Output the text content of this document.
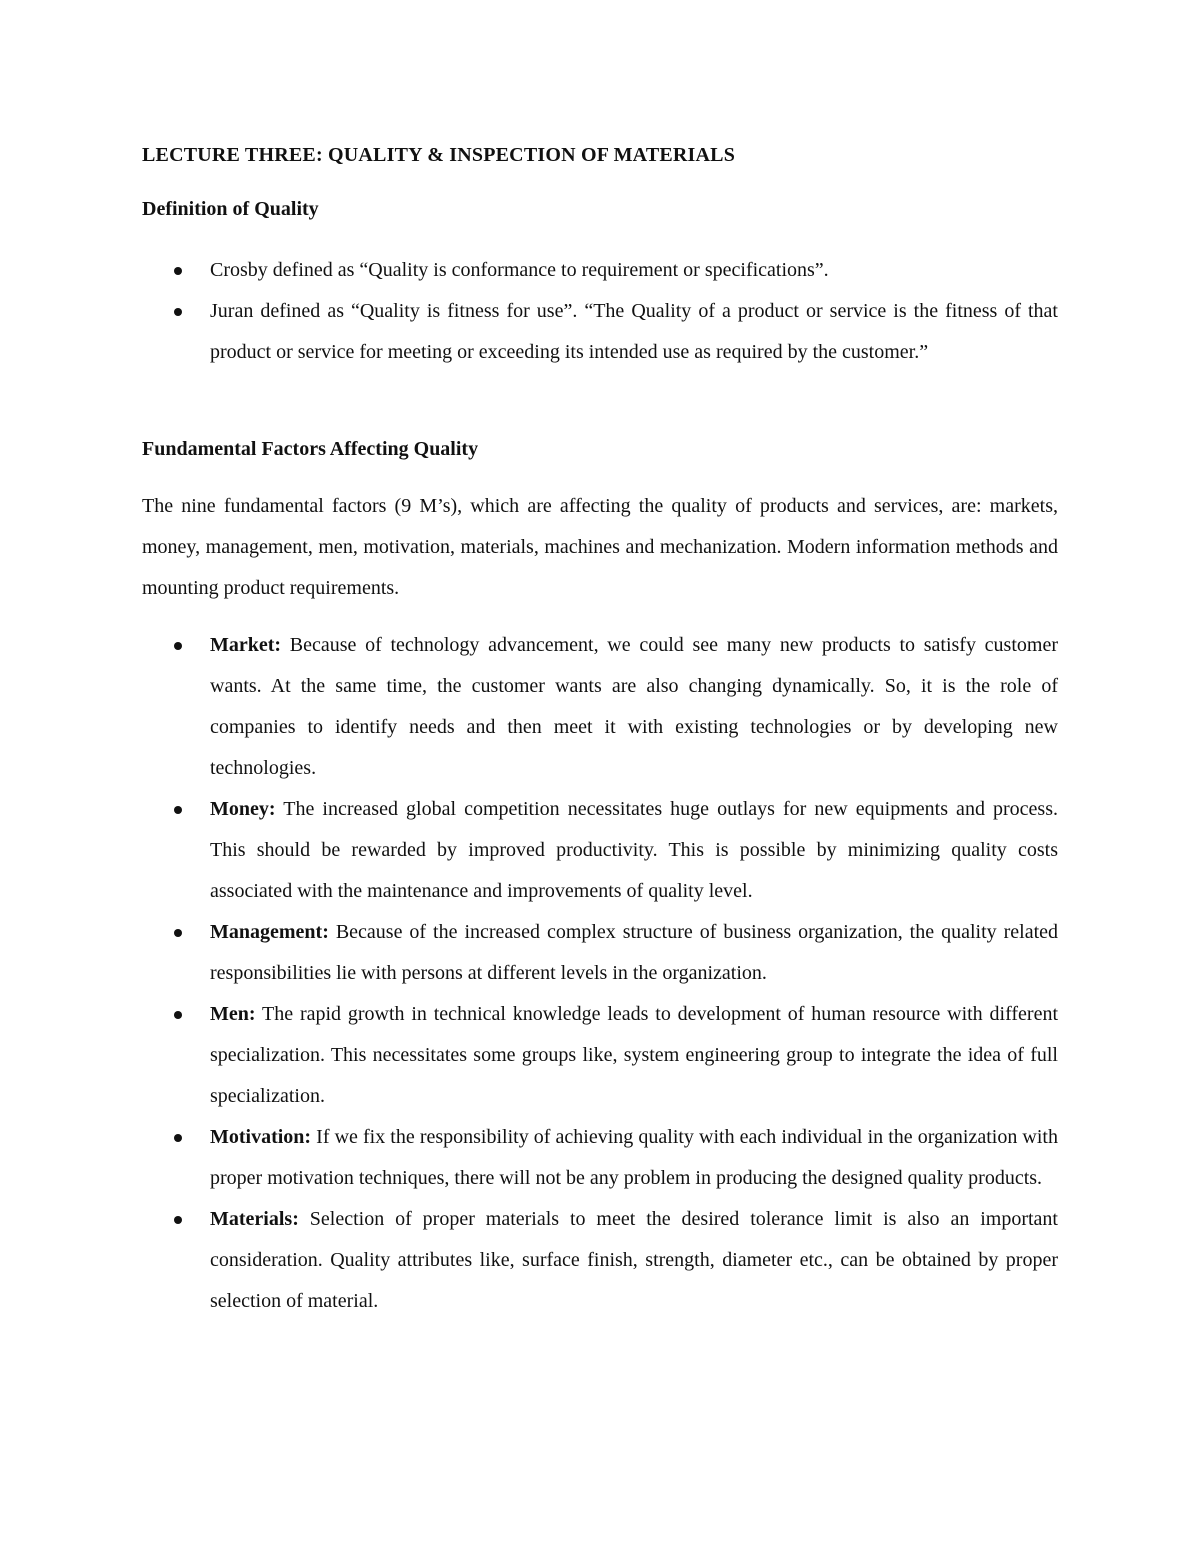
LECTURE THREE: QUALITY & INSPECTION OF MATERIALS
Definition of Quality
Crosby defined as “Quality is conformance to requirement or specifications”.
Juran defined as “Quality is fitness for use”. “The Quality of a product or service is the fitness of that product or service for meeting or exceeding its intended use as required by the customer.”
Fundamental Factors Affecting Quality
The nine fundamental factors (9 M’s), which are affecting the quality of products and services, are: markets, money, management, men, motivation, materials, machines and mechanization. Modern information methods and mounting product requirements.
Market: Because of technology advancement, we could see many new products to satisfy customer wants. At the same time, the customer wants are also changing dynamically. So, it is the role of companies to identify needs and then meet it with existing technologies or by developing new technologies.
Money: The increased global competition necessitates huge outlays for new equipments and process. This should be rewarded by improved productivity. This is possible by minimizing quality costs associated with the maintenance and improvements of quality level.
Management: Because of the increased complex structure of business organization, the quality related responsibilities lie with persons at different levels in the organization.
Men: The rapid growth in technical knowledge leads to development of human resource with different specialization. This necessitates some groups like, system engineering group to integrate the idea of full specialization.
Motivation: If we fix the responsibility of achieving quality with each individual in the organization with proper motivation techniques, there will not be any problem in producing the designed quality products.
Materials: Selection of proper materials to meet the desired tolerance limit is also an important consideration. Quality attributes like, surface finish, strength, diameter etc., can be obtained by proper selection of material.
